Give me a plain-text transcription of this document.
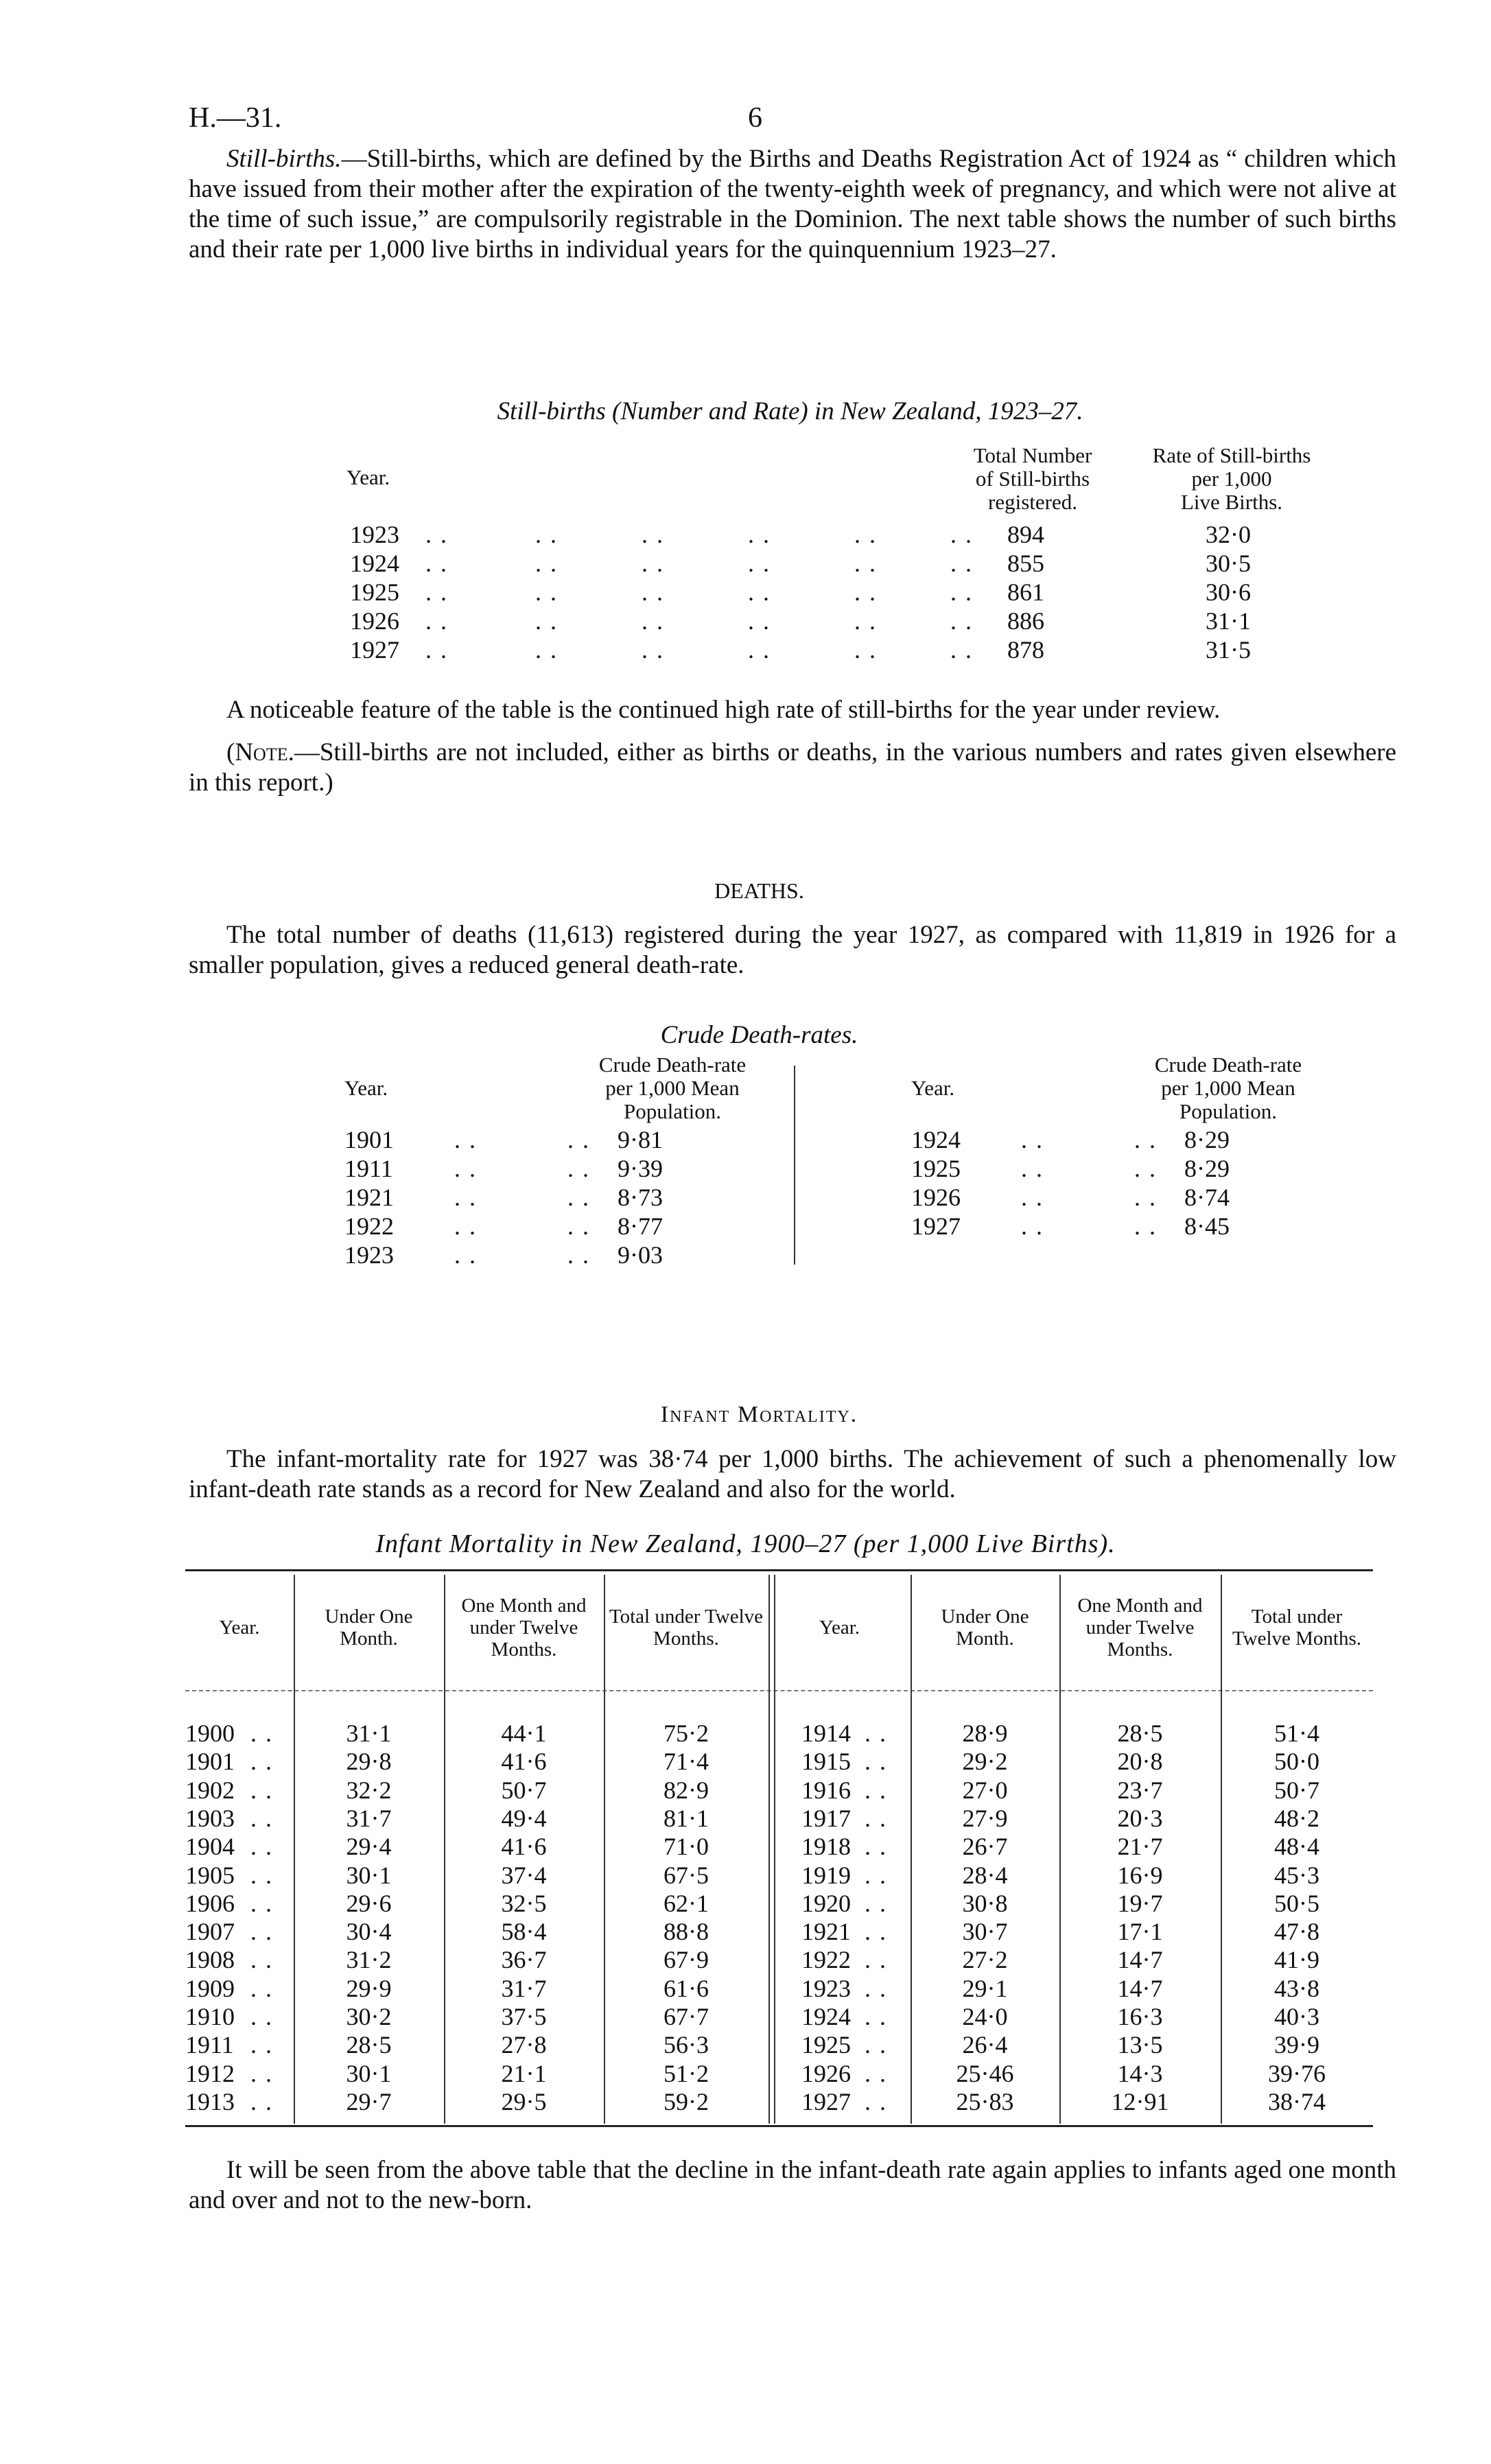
H.—31.	6
Still-births.—Still-births, which are defined by the Births and Deaths Registration Act of 1924 as “ children which have issued from their mother after the expiration of the twenty-eighth week of pregnancy, and which were not alive at the time of such issue,” are compulsorily registrable in the Dominion. The next table shows the number of such births and their rate per 1,000 live births in individual years for the quinquennium 1923–27.
Still-births (Number and Rate) in New Zealand, 1923–27.
Year.
Total Number
of Still-births
registered.
Rate of Still-births
per 1,000
Live Births.
1923 . .	. .	. .	. .	. .	. . 894	32·0
1924 . .	. .	. .	. .	. .	. . 855	30·5
1925 . .	. .	. .	. .	. .	. . 861	30·6
1926 . .	. .	. .	. .	. .	. . 886	31·1
1927 . .	. .	. .	. .	. .	. . 878	31·5
A noticeable feature of the table is the continued high rate of still-births for the year under review.
(Note.—Still-births are not included, either as births or deaths, in the various numbers and rates given elsewhere in this report.)
DEATHS.
The total number of deaths (11,613) registered during the year 1927, as compared with 11,819 in 1926 for a smaller population, gives a reduced general death-rate.
Crude Death-rates.
Year.
Crude Death-rate
per 1,000 Mean
Population.
1901 . .	. . 9·81
1911 . .	. . 9·39
1921 . .	. . 8·73
1922 . .	. . 8·77
1923 . .	. . 9·03
Year.
Crude Death-rate
per 1,000 Mean
Population.
1924 . .	. . 8·29
1925 . .	. . 8·29
1926 . .	. . 8·74
1927 . .	. . 8·45
Infant Mortality.
The infant-mortality rate for 1927 was 38·74 per 1,000 births. The achievement of such a phenomenally low infant-death rate stands as a record for New Zealand and also for the world.
Infant Mortality in New Zealand, 1900–27 (per 1,000 Live Births).
Year.	Under One Month.
One Month and under Twelve Months.
Total under Twelve Months.
1900 . .	31·1	44·1	75·2
1901 . .	29·8	41·6	71·4
1902 . .	32·2	50·7	82·9
1903 . .	31·7	49·4	81·1
1904 . .	29·4	41·6	71·0
1905 . .	30·1	37·4	67·5
1906 . .	29·6	32·5	62·1
1907 . .	30·4	58·4	88·8
1908 . .	31·2	36·7	67·9
1909 . .	29·9	31·7	61·6
1910 . .	30·2	37·5	67·7
1911 . .	28·5	27·8	56·3
1912 . .	30·1	21·1	51·2
1913 . .	29·7	29·5	59·2
Year.	Under One Month.
One Month and under Twelve Months.
Total under Twelve Months.
1914 . .	28·9	28·5	51·4
1915 . .	29·2	20·8	50·0
1916 . .	27·0	23·7	50·7
1917 . .	27·9	20·3	48·2
1918 . .	26·7	21·7	48·4
1919 . .	28·4	16·9	45·3
1920 . .	30·8	19·7	50·5
1921 . .	30·7	17·1	47·8
1922 . .	27·2	14·7	41·9
1923 . .	29·1	14·7	43·8
1924 . .	24·0	16·3	40·3
1925 . .	26·4	13·5	39·9
1926 . .	25·46	14·3	39·76
1927 . .	25·83	12·91	38·74
It will be seen from the above table that the decline in the infant-death rate again applies to infants aged one month and over and not to the new-born.
